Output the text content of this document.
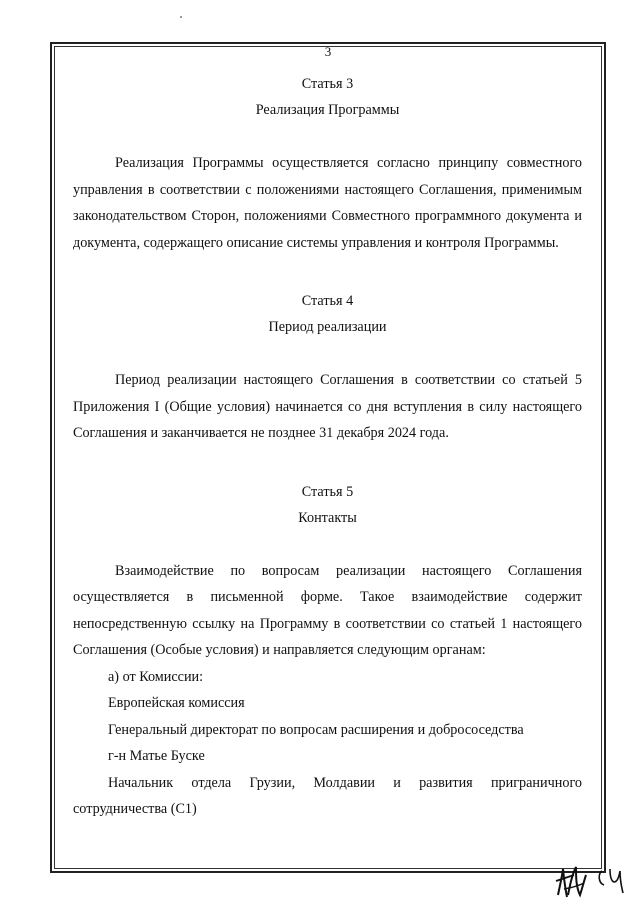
3
Статья 3
Реализация Программы

Реализация Программы осуществляется согласно принципу совместного управления в соответствии с положениями настоящего Соглашения, применимым законодательством Сторон, положениями Совместного программного документа и документа, содержащего описание системы управления и контроля Программы.

Статья 4
Период реализации

Период реализации настоящего Соглашения в соответствии со статьей 5 Приложения I (Общие условия) начинается со дня вступления в силу настоящего Соглашения и заканчивается не позднее 31 декабря 2024 года.

Статья 5
Контакты

Взаимодействие по вопросам реализации настоящего Соглашения осуществляется в письменной форме. Такое взаимодействие содержит непосредственную ссылку на Программу в соответствии со статьей 1 настоящего Соглашения (Особые условия) и направляется следующим органам:

а) от Комиссии:
Европейская комиссия
Генеральный директорат по вопросам расширения и добрососедства
г-н Матье Буске
Начальник отдела Грузии, Молдавии и развития приграничного сотрудничества (C1)
